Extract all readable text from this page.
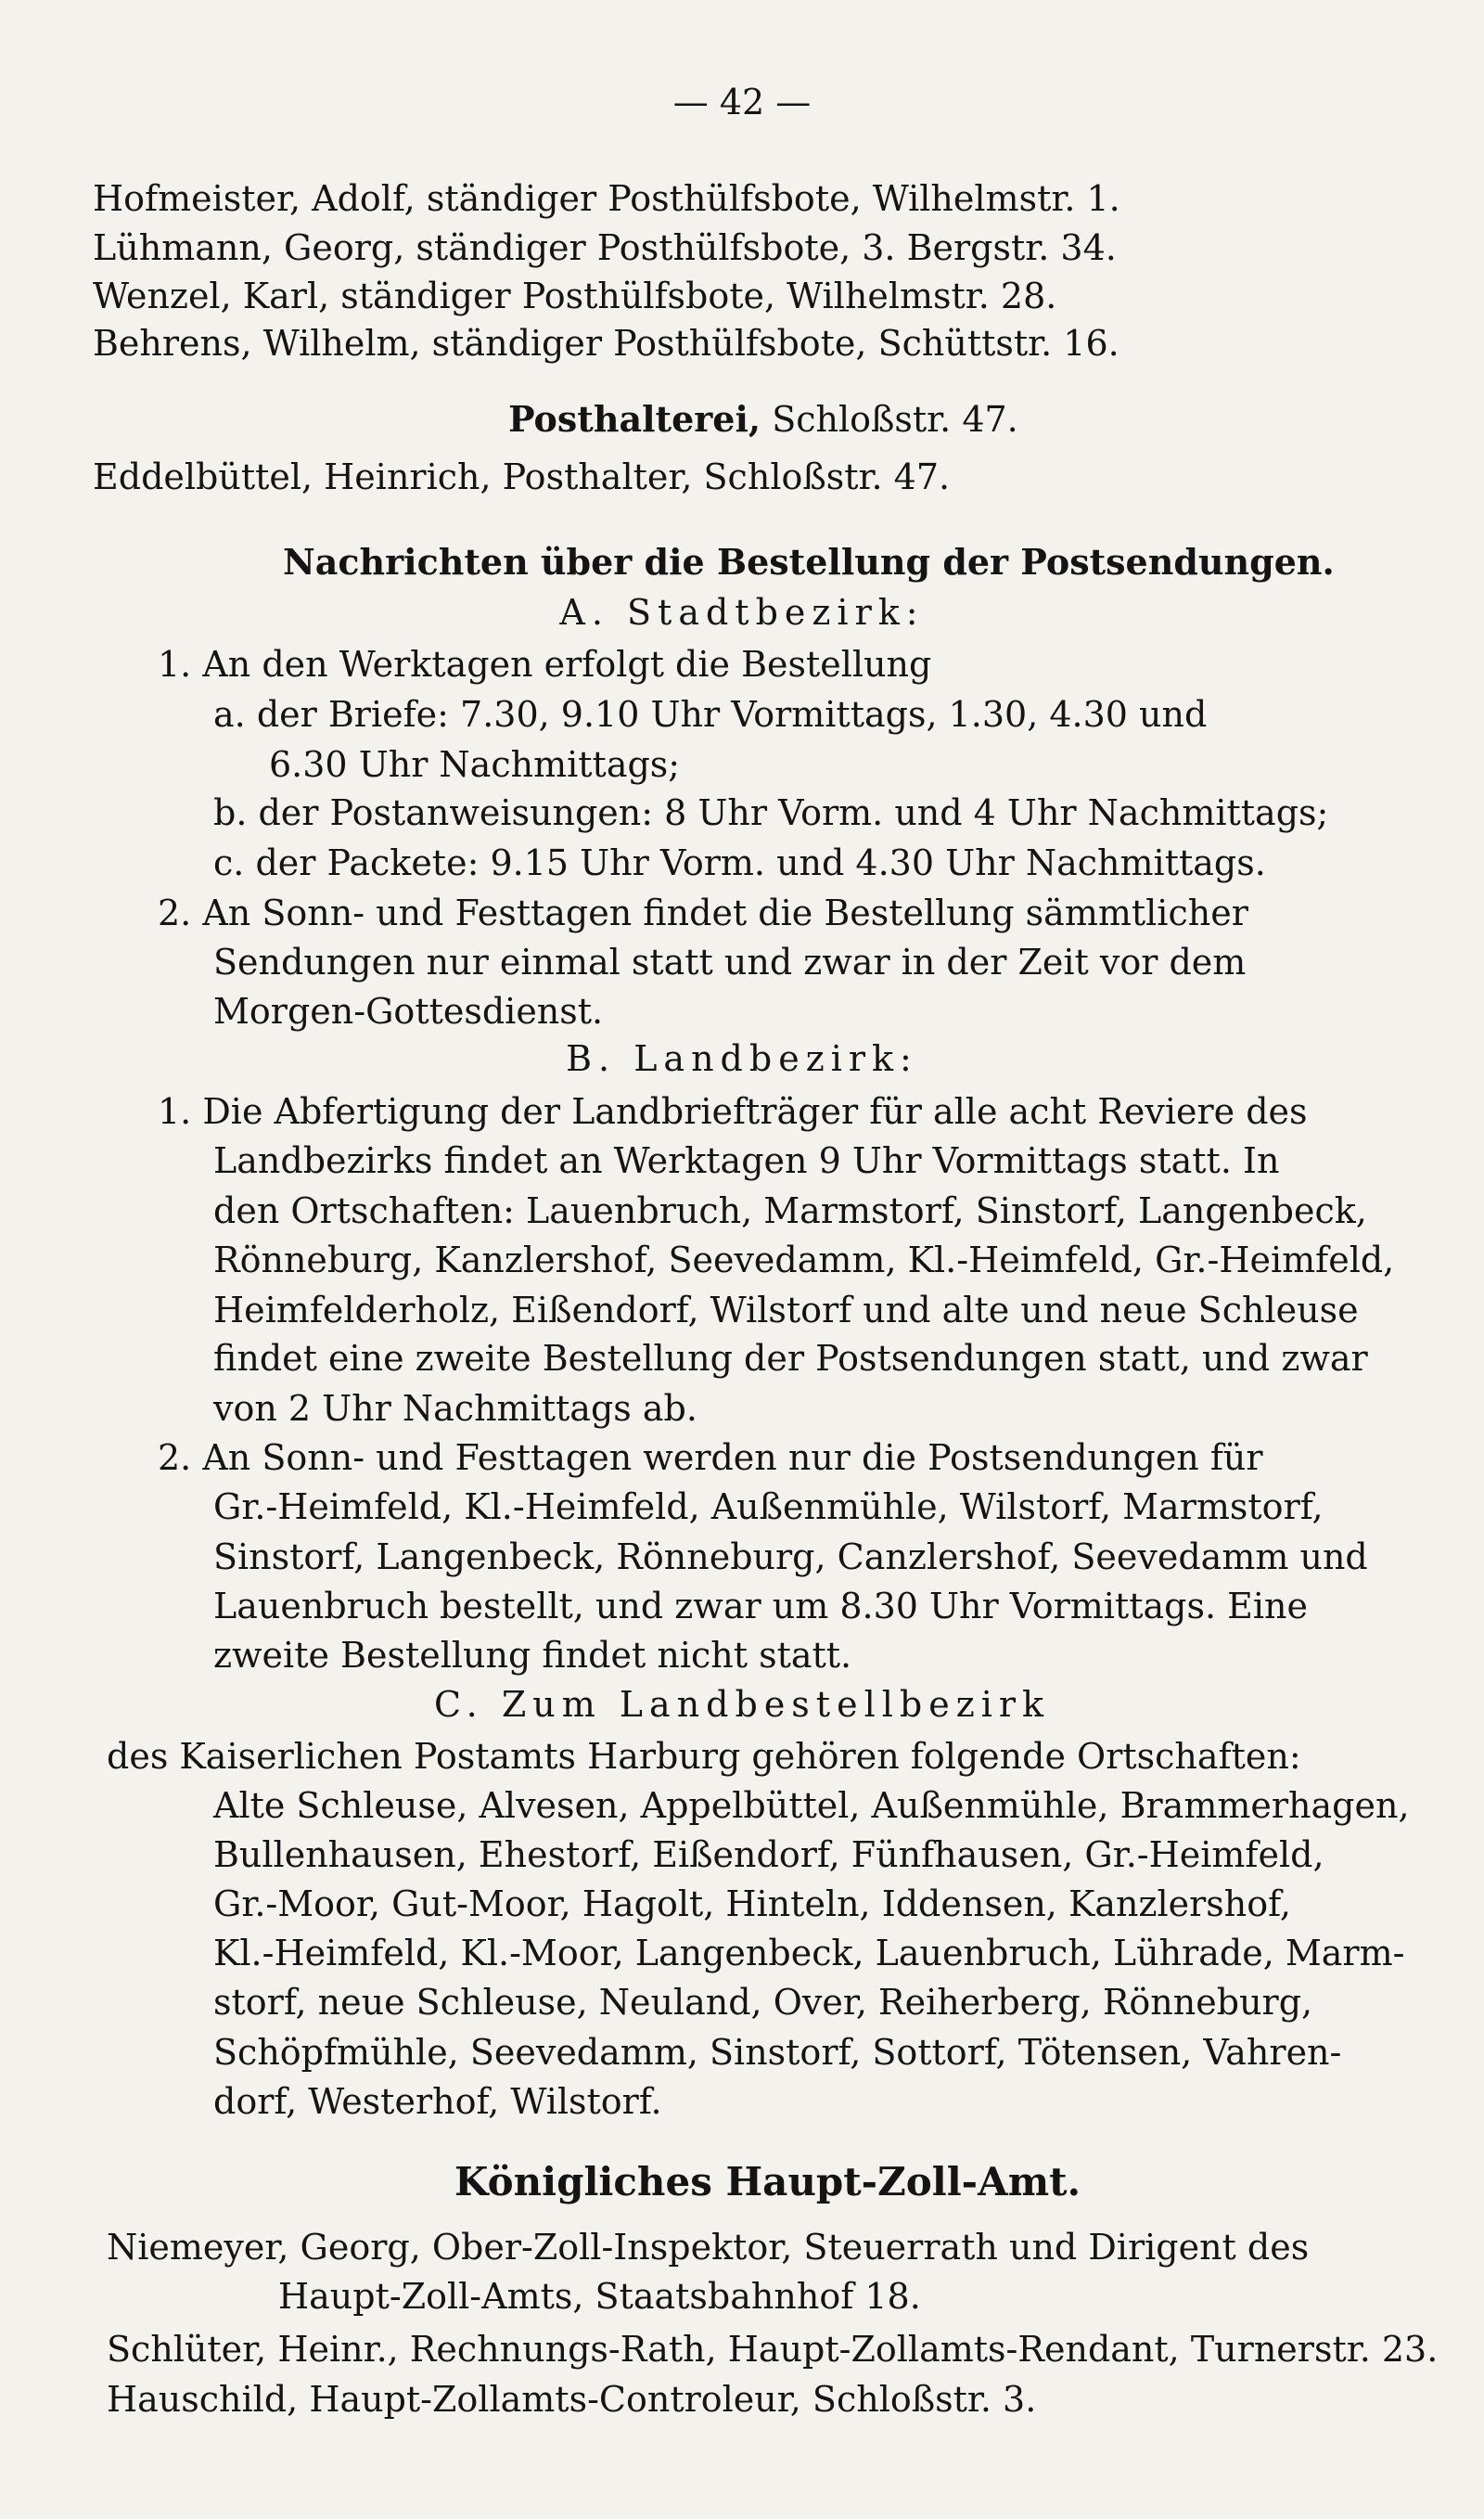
— 42 —
Hofmeister, Adolf, ständiger Posthülfsbote, Wilhelmstr. 1.
Lühmann, Georg, ständiger Posthülfsbote, 3. Bergstr. 34.
Wenzel, Karl, ständiger Posthülfsbote, Wilhelmstr. 28.
Behrens, Wilhelm, ständiger Posthülfsbote, Schüttstr. 16.
Posthalterei, Schloßstr. 47.
Eddelbüttel, Heinrich, Posthalter, Schloßstr. 47.
Nachrichten über die Bestellung der Postsendungen.
A. Stadtbezirk:
1. An den Werktagen erfolgt die Bestellung
a. der Briefe: 7.30, 9.10 Uhr Vormittags, 1.30, 4.30 und
6.30 Uhr Nachmittags;
b. der Postanweisungen: 8 Uhr Vorm. und 4 Uhr Nachmittags;
c. der Packete: 9.15 Uhr Vorm. und 4.30 Uhr Nachmittags.
2. An Sonn- und Festtagen findet die Bestellung sämmtlicher
Sendungen nur einmal statt und zwar in der Zeit vor dem
Morgen-Gottesdienst.
B. Landbezirk:
1. Die Abfertigung der Landbriefträger für alle acht Reviere des
Landbezirks findet an Werktagen 9 Uhr Vormittags statt. In
den Ortschaften: Lauenbruch, Marmstorf, Sinstorf, Langenbeck,
Rönneburg, Kanzlershof, Seevedamm, Kl.-Heimfeld, Gr.-Heimfeld,
Heimfelderholz, Eißendorf, Wilstorf und alte und neue Schleuse
findet eine zweite Bestellung der Postsendungen statt, und zwar
von 2 Uhr Nachmittags ab.
2. An Sonn- und Festtagen werden nur die Postsendungen für
Gr.-Heimfeld, Kl.-Heimfeld, Außenmühle, Wilstorf, Marmstorf,
Sinstorf, Langenbeck, Rönneburg, Canzlershof, Seevedamm und
Lauenbruch bestellt, und zwar um 8.30 Uhr Vormittags. Eine
zweite Bestellung findet nicht statt.
C. Zum Landbestellbezirk
des Kaiserlichen Postamts Harburg gehören folgende Ortschaften:
Alte Schleuse, Alvesen, Appelbüttel, Außenmühle, Brammerhagen,
Bullenhausen, Ehestorf, Eißendorf, Fünfhausen, Gr.-Heimfeld,
Gr.-Moor, Gut-Moor, Hagolt, Hinteln, Iddensen, Kanzlershof,
Kl.-Heimfeld, Kl.-Moor, Langenbeck, Lauenbruch, Lührade, Marm-
storf, neue Schleuse, Neuland, Over, Reiherberg, Rönneburg,
Schöpfmühle, Seevedamm, Sinstorf, Sottorf, Tötensen, Vahren-
dorf, Westerhof, Wilstorf.
Königliches Haupt-Zoll-Amt.
Niemeyer, Georg, Ober-Zoll-Inspektor, Steuerrath und Dirigent des
Haupt-Zoll-Amts, Staatsbahnhof 18.
Schlüter, Heinr., Rechnungs-Rath, Haupt-Zollamts-Rendant, Turnerstr. 23.
Hauschild, Haupt-Zollamts-Controleur, Schloßstr. 3.
